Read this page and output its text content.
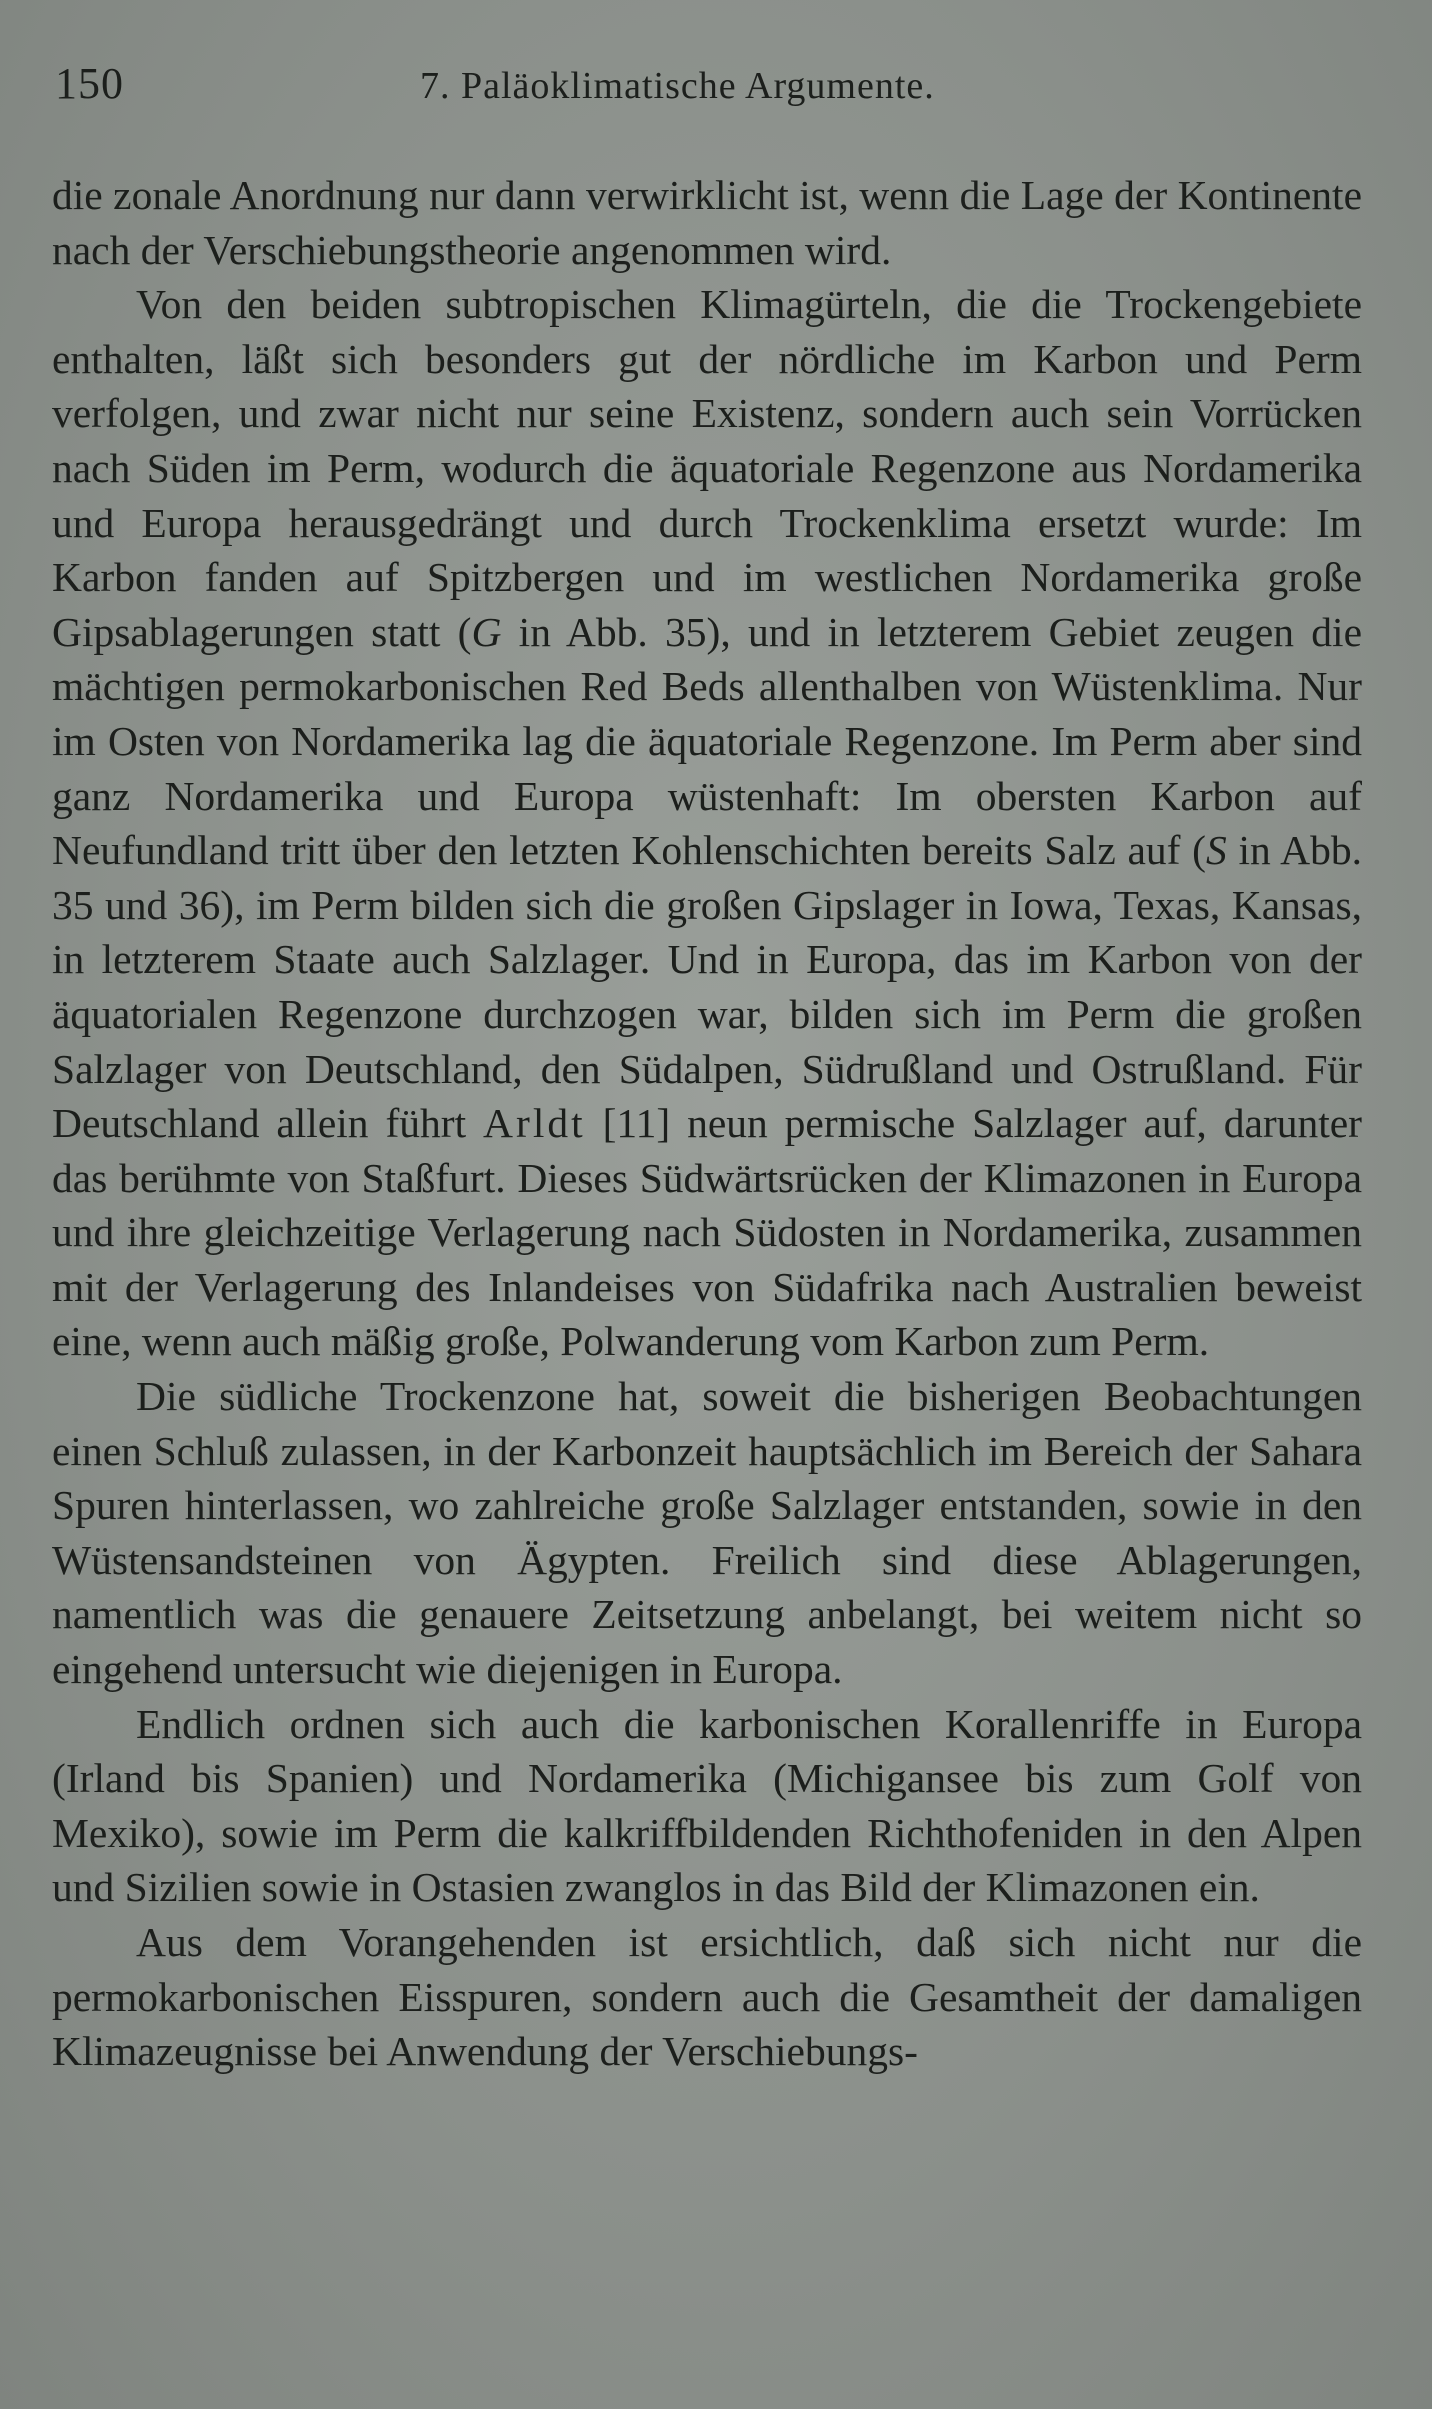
150	7. Paläoklimatische Argumente.

die zonale Anordnung nur dann verwirklicht ist, wenn die Lage der Kontinente nach der Verschiebungstheorie angenommen wird.

Von den beiden subtropischen Klimagürteln, die die Trockengebiete enthalten, läßt sich besonders gut der nördliche im Karbon und Perm verfolgen, und zwar nicht nur seine Existenz, sondern auch sein Vorrücken nach Süden im Perm, wodurch die äquatoriale Regenzone aus Nordamerika und Europa herausgedrängt und durch Trockenklima ersetzt wurde: Im Karbon fanden auf Spitzbergen und im westlichen Nordamerika große Gipsablagerungen statt (G in Abb. 35), und in letzterem Gebiet zeugen die mächtigen permokarbonischen Red Beds allenthalben von Wüstenklima. Nur im Osten von Nordamerika lag die äquatoriale Regenzone. Im Perm aber sind ganz Nordamerika und Europa wüstenhaft: Im obersten Karbon auf Neufundland tritt über den letzten Kohlenschichten bereits Salz auf (S in Abb. 35 und 36), im Perm bilden sich die großen Gipslager in Iowa, Texas, Kansas, in letzterem Staate auch Salzlager. Und in Europa, das im Karbon von der äquatorialen Regenzone durchzogen war, bilden sich im Perm die großen Salzlager von Deutschland, den Südalpen, Südrußland und Ostrußland. Für Deutschland allein führt Arldt [11] neun permische Salzlager auf, darunter das berühmte von Staßfurt. Dieses Südwärtsrücken der Klimazonen in Europa und ihre gleichzeitige Verlagerung nach Südosten in Nordamerika, zusammen mit der Verlagerung des Inlandeises von Südafrika nach Australien beweist eine, wenn auch mäßig große, Polwanderung vom Karbon zum Perm.

Die südliche Trockenzone hat, soweit die bisherigen Beobachtungen einen Schluß zulassen, in der Karbonzeit hauptsächlich im Bereich der Sahara Spuren hinterlassen, wo zahlreiche große Salzlager entstanden, sowie in den Wüstensandsteinen von Ägypten. Freilich sind diese Ablagerungen, namentlich was die genauere Zeitsetzung anbelangt, bei weitem nicht so eingehend untersucht wie diejenigen in Europa.

Endlich ordnen sich auch die karbonischen Korallenriffe in Europa (Irland bis Spanien) und Nordamerika (Michigansee bis zum Golf von Mexiko), sowie im Perm die kalkriffbildenden Richthofeniden in den Alpen und Sizilien sowie in Ostasien zwanglos in das Bild der Klimazonen ein.

Aus dem Vorangehenden ist ersichtlich, daß sich nicht nur die permokarbonischen Eisspuren, sondern auch die Gesamtheit der damaligen Klimazeugnisse bei Anwendung der Verschiebungs-
